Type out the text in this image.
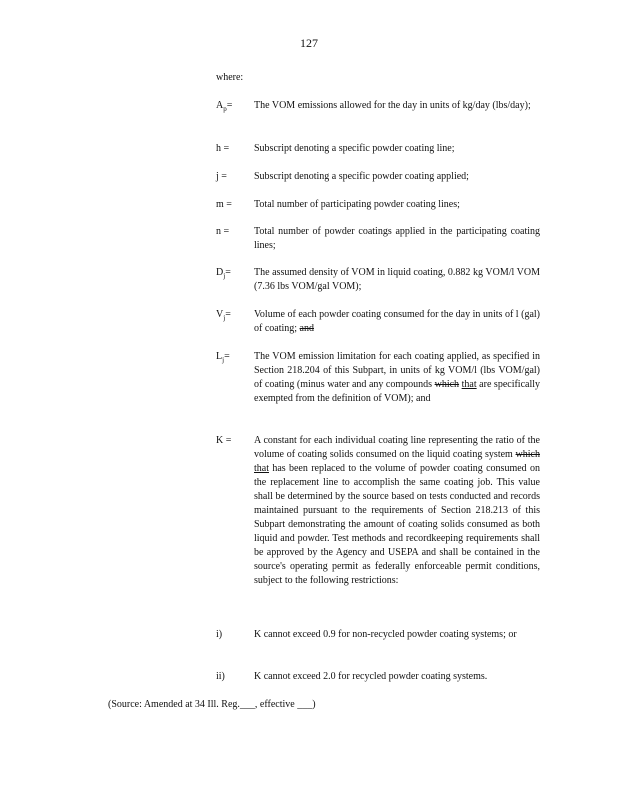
127
where:
$A_p=$	The VOM emissions allowed for the day in units of kg/day (lbs/day);
h =	Subscript denoting a specific powder coating line;
j =	Subscript denoting a specific powder coating applied;
m =	Total number of participating powder coating lines;
n =	Total number of powder coatings applied in the participating coating lines;
$D_j=$	The assumed density of VOM in liquid coating, 0.882 kg VOM/l VOM (7.36 lbs VOM/gal VOM);
$V_j=$	Volume of each powder coating consumed for the day in units of l (gal) of coating; and
$L_j=$	The VOM emission limitation for each coating applied, as specified in Section 218.204 of this Subpart, in units of kg VOM/l (lbs VOM/gal) of coating (minus water and any compounds which that are specifically exempted from the definition of VOM); and
K =	A constant for each individual coating line representing the ratio of the volume of coating solids consumed on the liquid coating system which that has been replaced to the volume of powder coating consumed on the replacement line to accomplish the same coating job. This value shall be determined by the source based on tests conducted and records maintained pursuant to the requirements of Section 218.213 of this Subpart demonstrating the amount of coating solids consumed as both liquid and powder. Test methods and recordkeeping requirements shall be approved by the Agency and USEPA and shall be contained in the source's operating permit as federally enforceable permit conditions, subject to the following restrictions:
i)	K cannot exceed 0.9 for non-recycled powder coating systems; or
ii)	K cannot exceed 2.0 for recycled powder coating systems.
(Source: Amended at 34 Ill. Reg.___, effective ___)
